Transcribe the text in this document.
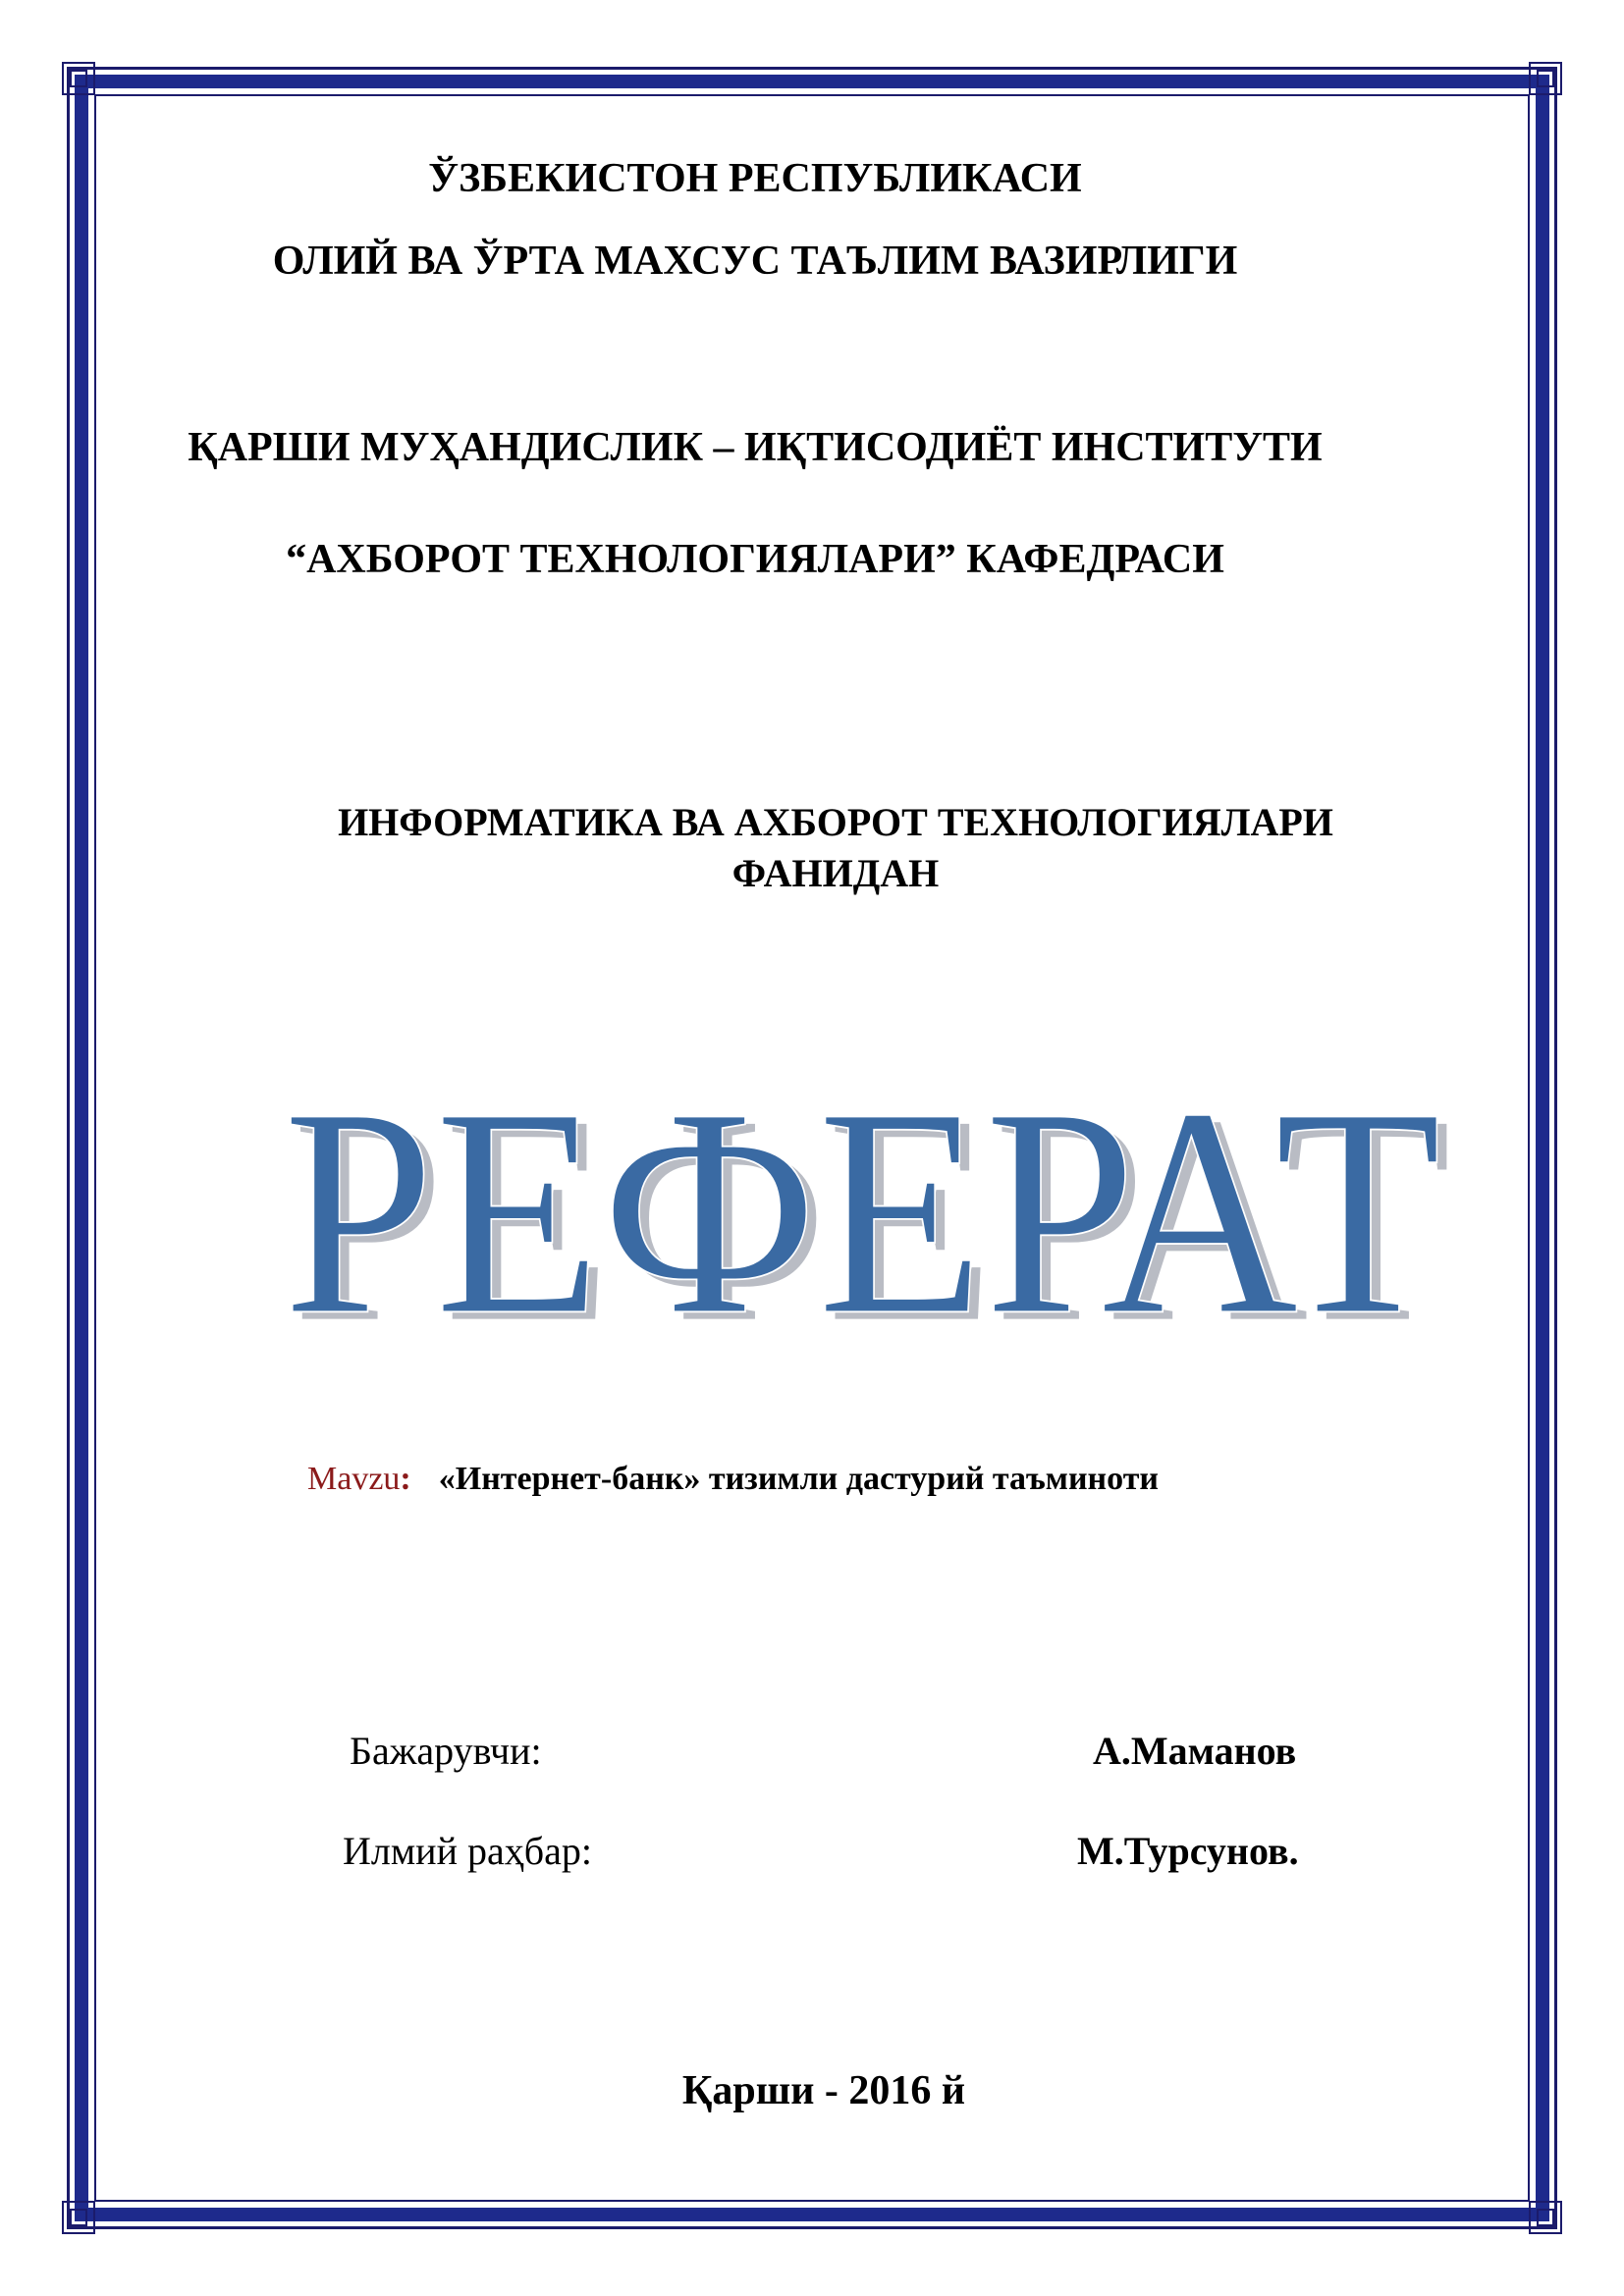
ЎЗБЕКИСТОН РЕСПУБЛИКАСИ
ОЛИЙ ВА ЎРТА МАХСУС ТАЪЛИМ ВАЗИРЛИГИ
ҚАРШИ МУҲАНДИСЛИК – ИҚТИСОДИЁТ ИНСТИТУТИ
“АХБОРОТ ТЕХНОЛОГИЯЛАРИ” КАФЕДРАСИ
ИНФОРМАТИКА ВА АХБОРОТ ТЕХНОЛОГИЯЛАРИ
ФАНИДАН
РЕФЕРАТ
РЕФЕРАТ
Mavzu: «Интернет-банк» тизимли дастурий таъминоти
Бажарувчи:	А.Маманов
Илмий раҳбар:	М.Турсунов.
Қарши - 2016 й
